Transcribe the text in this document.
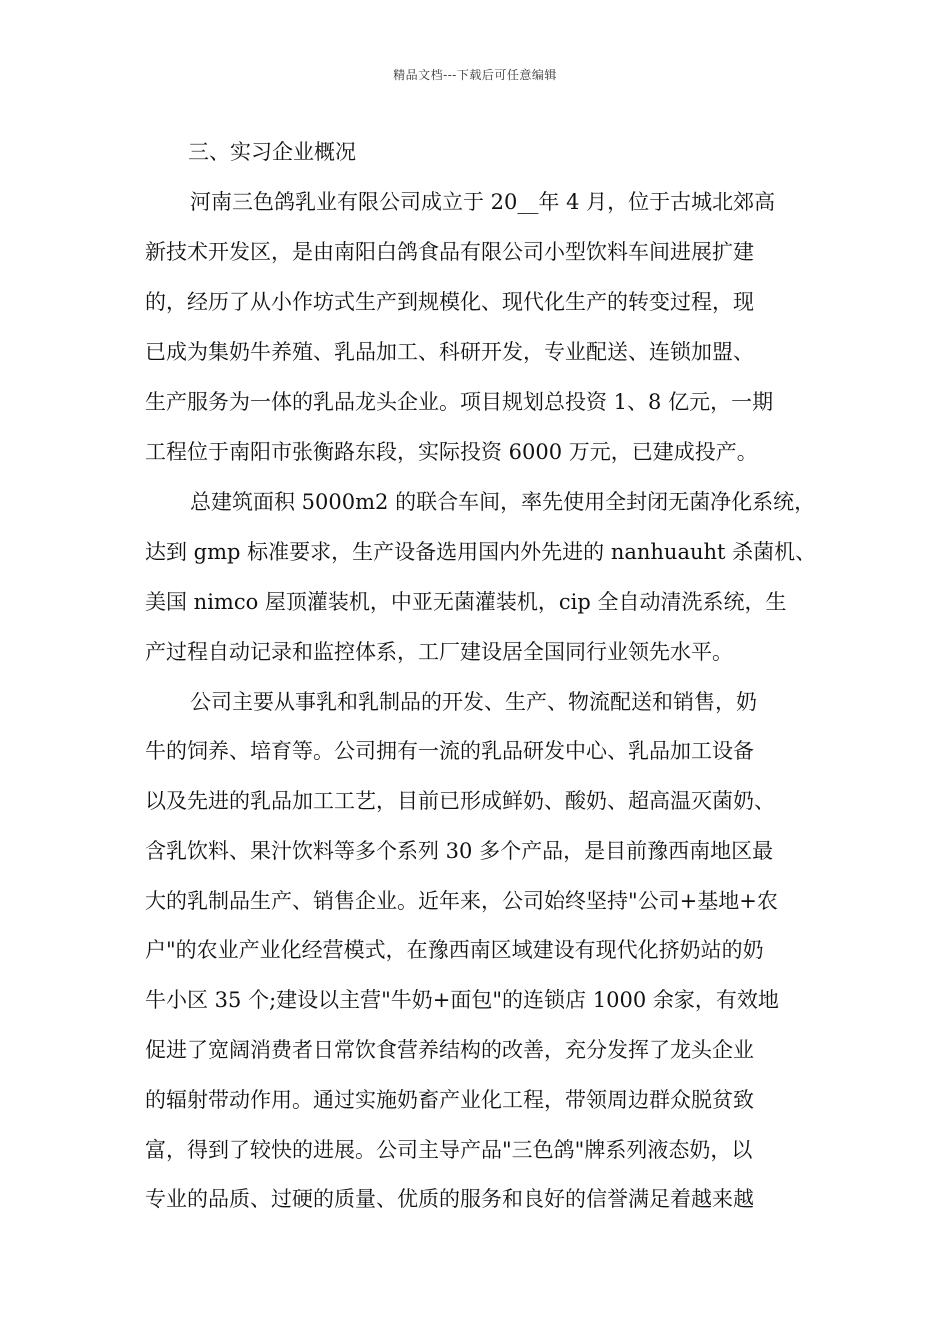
精品文档---下载后可任意编辑
三、实习企业概况
河南三色鸽乳业有限公司成立于 20__年 4 月，位于古城北郊高
新技术开发区，是由南阳白鸽食品有限公司小型饮料车间进展扩建
的，经历了从小作坊式生产到规模化、现代化生产的转变过程，现
已成为集奶牛养殖、乳品加工、科研开发，专业配送、连锁加盟、
生产服务为一体的乳品龙头企业。项目规划总投资 1、8 亿元，一期
工程位于南阳市张衡路东段，实际投资 6000 万元，已建成投产。
总建筑面积 5000m2 的联合车间，率先使用全封闭无菌净化系统，
达到 gmp 标准要求，生产设备选用国内外先进的 nanhuauht 杀菌机、
美国 nimco 屋顶灌装机，中亚无菌灌装机，cip 全自动清洗系统，生
产过程自动记录和监控体系，工厂建设居全国同行业领先水平。
公司主要从事乳和乳制品的开发、生产、物流配送和销售，奶
牛的饲养、培育等。公司拥有一流的乳品研发中心、乳品加工设备
以及先进的乳品加工工艺，目前已形成鲜奶、酸奶、超高温灭菌奶、
含乳饮料、果汁饮料等多个系列 30 多个产品，是目前豫西南地区最
大的乳制品生产、销售企业。近年来，公司始终坚持"公司+基地+农
户"的农业产业化经营模式，在豫西南区域建设有现代化挤奶站的奶
牛小区 35 个;建设以主营"牛奶+面包"的连锁店 1000 余家，有效地
促进了宽阔消费者日常饮食营养结构的改善，充分发挥了龙头企业
的辐射带动作用。通过实施奶畜产业化工程，带领周边群众脱贫致
富，得到了较快的进展。公司主导产品"三色鸽"牌系列液态奶，以
专业的品质、过硬的质量、优质的服务和良好的信誉满足着越来越
